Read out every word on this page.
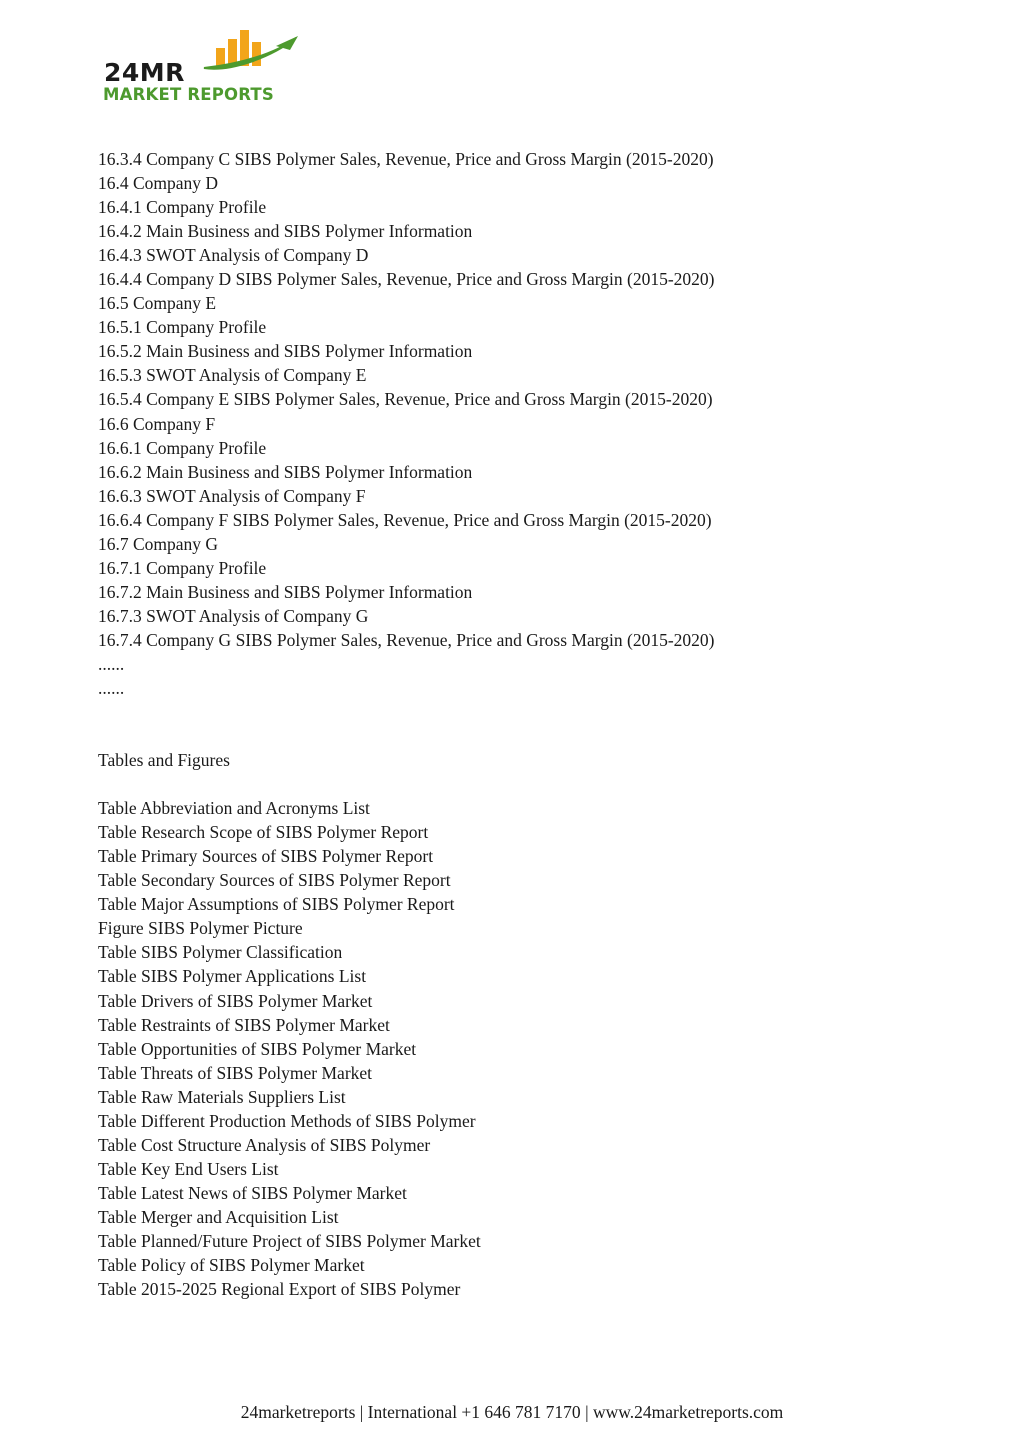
24MR
MARKET REPORTS
16.3.4 Company C SIBS Polymer Sales, Revenue, Price and Gross Margin (2015-2020)
16.4 Company D
16.4.1 Company Profile
16.4.2 Main Business and SIBS Polymer Information
16.4.3 SWOT Analysis of Company D
16.4.4 Company D SIBS Polymer Sales, Revenue, Price and Gross Margin (2015-2020)
16.5 Company E
16.5.1 Company Profile
16.5.2 Main Business and SIBS Polymer Information
16.5.3 SWOT Analysis of Company E
16.5.4 Company E SIBS Polymer Sales, Revenue, Price and Gross Margin (2015-2020)
16.6 Company F
16.6.1 Company Profile
16.6.2 Main Business and SIBS Polymer Information
16.6.3 SWOT Analysis of Company F
16.6.4 Company F SIBS Polymer Sales, Revenue, Price and Gross Margin (2015-2020)
16.7 Company G
16.7.1 Company Profile
16.7.2 Main Business and SIBS Polymer Information
16.7.3 SWOT Analysis of Company G
16.7.4 Company G SIBS Polymer Sales, Revenue, Price and Gross Margin (2015-2020)
......
......
Tables and Figures
Table Abbreviation and Acronyms List
Table Research Scope of SIBS Polymer Report
Table Primary Sources of SIBS Polymer Report
Table Secondary Sources of SIBS Polymer Report
Table Major Assumptions of SIBS Polymer Report
Figure SIBS Polymer Picture
Table SIBS Polymer Classification
Table SIBS Polymer Applications List
Table Drivers of SIBS Polymer Market
Table Restraints of SIBS Polymer Market
Table Opportunities of SIBS Polymer Market
Table Threats of SIBS Polymer Market
Table Raw Materials Suppliers List
Table Different Production Methods of SIBS Polymer
Table Cost Structure Analysis of SIBS Polymer
Table Key End Users List
Table Latest News of SIBS Polymer Market
Table Merger and Acquisition List
Table Planned/Future Project of SIBS Polymer Market
Table Policy of SIBS Polymer Market
Table 2015-2025 Regional Export of SIBS Polymer
24marketreports | International +1 646 781 7170 | www.24marketreports.com
